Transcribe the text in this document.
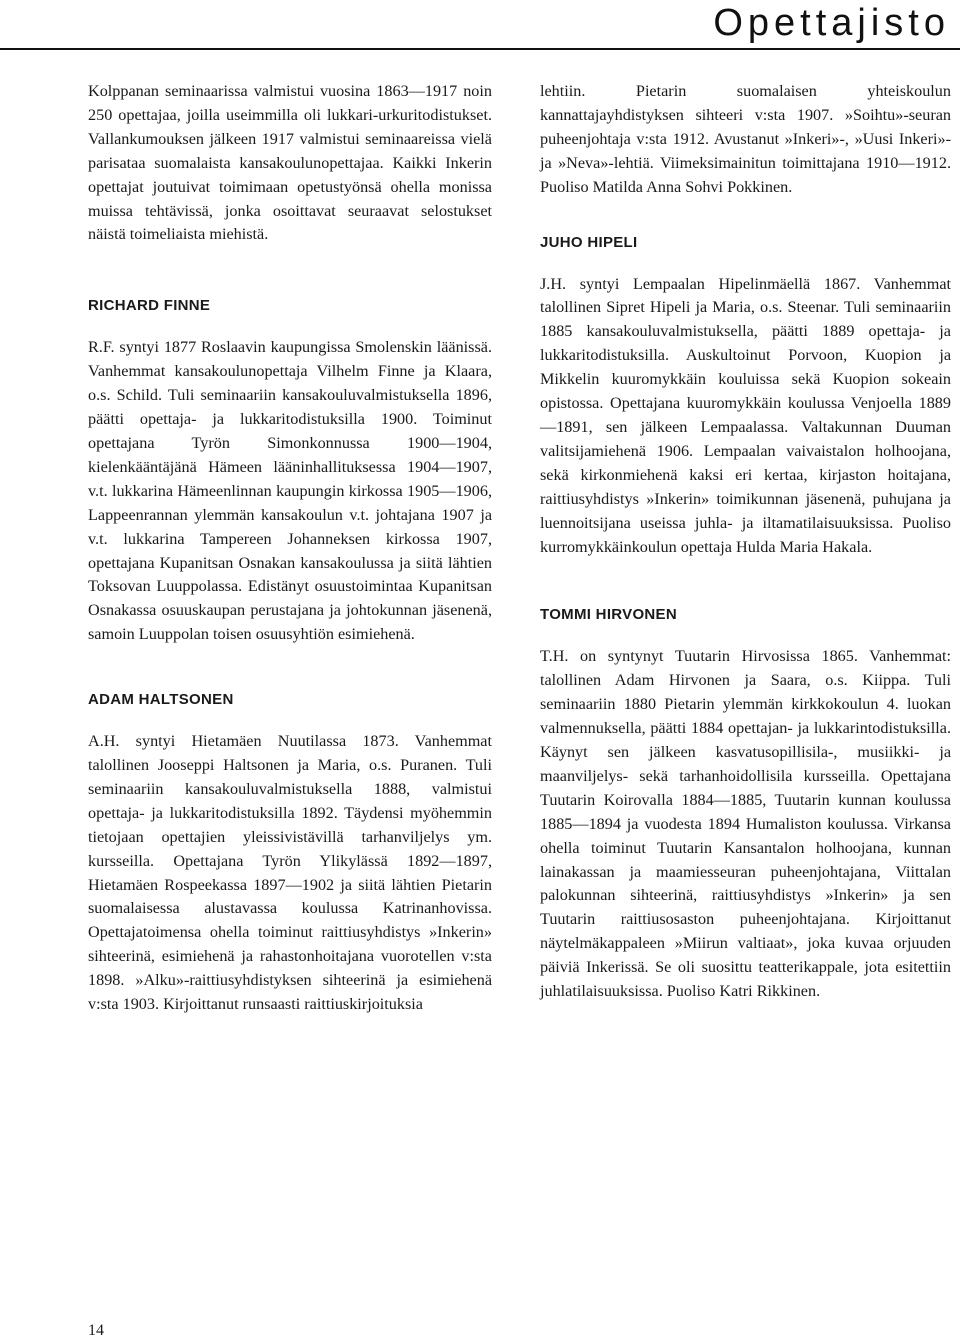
Opettajisto

Kolppanan seminaarissa valmistui vuosina 1863—1917 noin 250 opettajaa, joilla useimmilla oli lukkari-urkuritodistukset. Vallankumouksen jälkeen 1917 valmistui seminaareissa vielä parisataa suomalaista kansakoulunopettajaa. Kaikki Inkerin opettajat joutuivat toimimaan opetustyönsä ohella monissa muissa tehtävissä, jonka osoittavat seuraavat selostukset näistä toimeliaista miehistä.

RICHARD FINNE

R.F. syntyi 1877 Roslaavin kaupungissa Smolenskin läänissä. Vanhemmat kansakoulunopettaja Vilhelm Finne ja Klaara, o.s. Schild. Tuli seminaariin kansakouluvalmistuksella 1896, päätti opettaja- ja lukkaritodistuksilla 1900. Toiminut opettajana Tyrön Simonkonnussa 1900—1904, kielenkääntäjänä Hämeen lääninhallituksessa 1904—1907, v.t. lukkarina Hämeenlinnan kaupungin kirkossa 1905—1906, Lappeenrannan ylemmän kansakoulun v.t. johtajana 1907 ja v.t. lukkarina Tampereen Johanneksen kirkossa 1907, opettajana Kupanitsan Osnakan kansakoulussa ja siitä lähtien Toksovan Luuppolassa. Edistänyt osuustoimintaa Kupanitsan Osnakassa osuuskaupan perustajana ja johtokunnan jäsenenä, samoin Luuppolan toisen osuusyhtiön esimiehenä.

ADAM HALTSONEN

A.H. syntyi Hietamäen Nuutilassa 1873. Vanhemmat talollinen Jooseppi Haltsonen ja Maria, o.s. Puranen. Tuli seminaariin kansakouluvalmistuksella 1888, valmistui opettaja- ja lukkaritodistuksilla 1892. Täydensi myöhemmin tietojaan opettajien yleissivistävillä tarhanviljelys ym. kursseilla. Opettajana Tyrön Ylikylässä 1892—1897, Hietamäen Rospeekassa 1897—1902 ja siitä lähtien Pietarin suomalaisessa alustavassa koulussa Katrinanhovissa. Opettajatoimensa ohella toiminut raittiusyhdistys »Inkerin» sihteerinä, esimiehenä ja rahastonhoitajana vuorotellen v:sta 1898. »Alku»-raittiusyhdistyksen sihteerinä ja esimiehenä v:sta 1903. Kirjoittanut runsaasti raittiuskirjoituksia

lehtiin. Pietarin suomalaisen yhteiskoulun kannattajayhdistyksen sihteeri v:sta 1907. »Soihtu»-seuran puheenjohtaja v:sta 1912. Avustanut »Inkeri»-, »Uusi Inkeri»- ja »Neva»-lehtiä. Viimeksimainitun toimittajana 1910—1912. Puoliso Matilda Anna Sohvi Pokkinen.

JUHO HIPELI

J.H. syntyi Lempaalan Hipelinmäellä 1867. Vanhemmat talollinen Sipret Hipeli ja Maria, o.s. Steenar. Tuli seminaariin 1885 kansakouluvalmistuksella, päätti 1889 opettaja- ja lukkaritodistuksilla. Auskultoinut Porvoon, Kuopion ja Mikkelin kuuromykkäin kouluissa sekä Kuopion sokeain opistossa. Opettajana kuuromykkäin koulussa Venjoella 1889—1891, sen jälkeen Lempaalassa. Valtakunnan Duuman valitsijamiehenä 1906. Lempaalan vaivaistalon holhoojana, sekä kirkonmiehenä kaksi eri kertaa, kirjaston hoitajana, raittiusyhdistys »Inkerin» toimikunnan jäsenenä, puhujana ja luennoitsijana useissa juhla- ja iltamatilaisuuksissa. Puoliso kurromykkäinkoulun opettaja Hulda Maria Hakala.

TOMMI HIRVONEN

T.H. on syntynyt Tuutarin Hirvosissa 1865. Vanhemmat: talollinen Adam Hirvonen ja Saara, o.s. Kiippa. Tuli seminaariin 1880 Pietarin ylemmän kirkkokoulun 4. luokan valmennuksella, päätti 1884 opettajan- ja lukkarintodistuksilla. Käynyt sen jälkeen kasvatusopillisila-, musiikki- ja maanviljelys- sekä tarhanhoidollisila kursseilla. Opettajana Tuutarin Koirovalla 1884—1885, Tuutarin kunnan koulussa 1885—1894 ja vuodesta 1894 Humaliston koulussa. Virkansa ohella toiminut Tuutarin Kansantalon holhoojana, kunnan lainakassan ja maamiesseuran puheenjohtajana, Viittalan palokunnan sihteerinä, raittiusyhdistys »Inkerin» ja sen Tuutarin raittiusosaston puheenjohtajana. Kirjoittanut näytelmäkappaleen »Miirun valtiaat», joka kuvaa orjuuden päiviä Inkerissä. Se oli suosittu teatterikappale, jota esitettiin juhlatilaisuuksissa. Puoliso Katri Rikkinen.

14
